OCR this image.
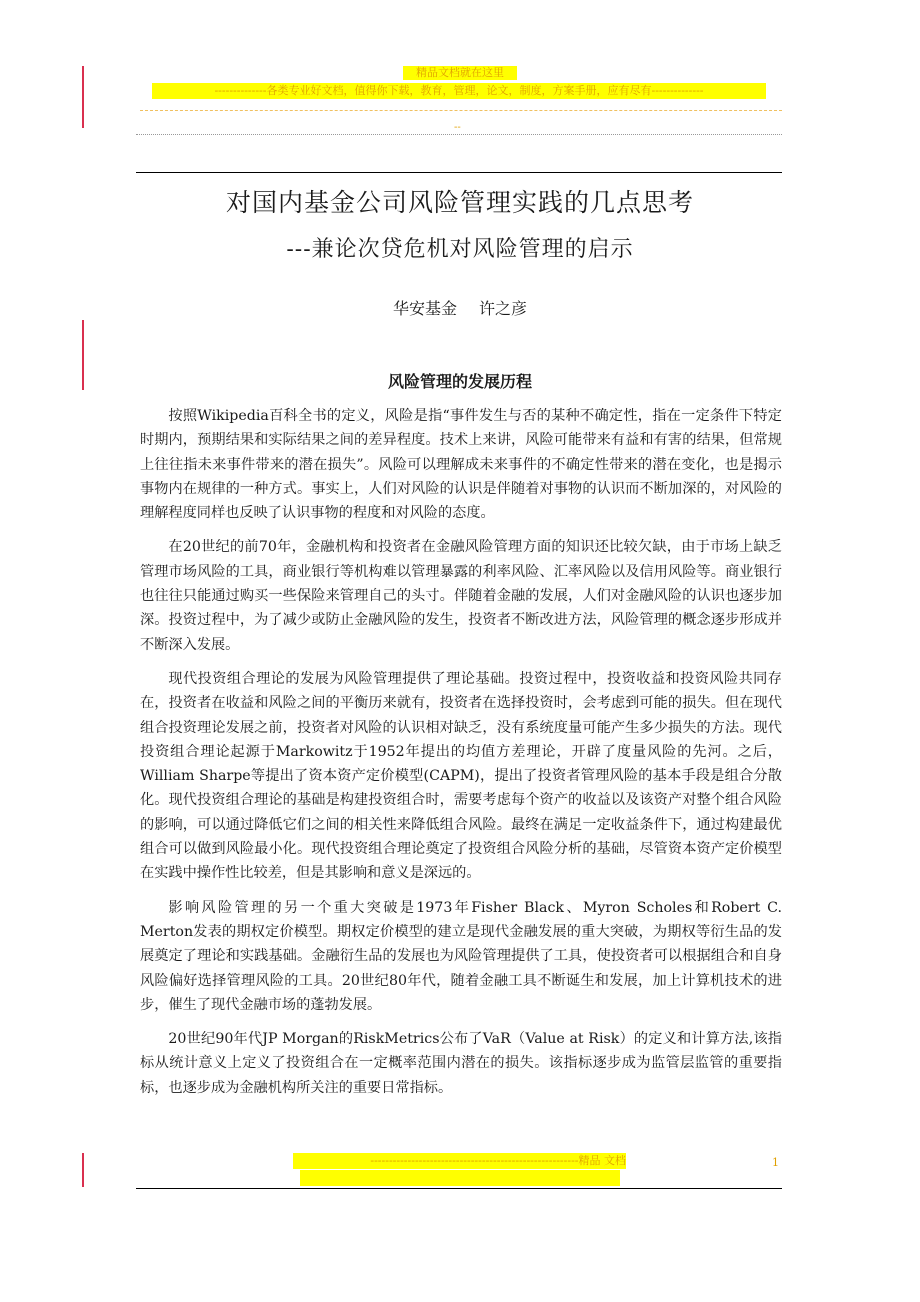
精品文档就在这里
--------------各类专业好文档，值得你下载，教育，管理，论文，制度，方案手册，应有尽有--------------
--
对国内基金公司风险管理实践的几点思考
---兼论次贷危机对风险管理的启示
华安基金 许之彦
风险管理的发展历程

按照Wikipedia百科全书的定义，风险是指“事件发生与否的某种不确定性，指在一定条件下特定时期内，预期结果和实际结果之间的差异程度。技术上来讲，风险可能带来有益和有害的结果，但常规上往往指未来事件带来的潜在损失”。风险可以理解成未来事件的不确定性带来的潜在变化，也是揭示事物内在规律的一种方式。事实上，人们对风险的认识是伴随着对事物的认识而不断加深的，对风险的理解程度同样也反映了认识事物的程度和对风险的态度。

在20世纪的前70年，金融机构和投资者在金融风险管理方面的知识还比较欠缺，由于市场上缺乏管理市场风险的工具，商业银行等机构难以管理暴露的利率风险、汇率风险以及信用风险等。商业银行也往往只能通过购买一些保险来管理自己的头寸。伴随着金融的发展，人们对金融风险的认识也逐步加深。投资过程中，为了减少或防止金融风险的发生，投资者不断改进方法，风险管理的概念逐步形成并不断深入发展。

现代投资组合理论的发展为风险管理提供了理论基础。投资过程中，投资收益和投资风险共同存在，投资者在收益和风险之间的平衡历来就有，投资者在选择投资时，会考虑到可能的损失。但在现代组合投资理论发展之前，投资者对风险的认识相对缺乏，没有系统度量可能产生多少损失的方法。现代投资组合理论起源于Markowitz于1952年提出的均值方差理论，开辟了度量风险的先河。之后，William Sharpe等提出了资本资产定价模型(CAPM)，提出了投资者管理风险的基本手段是组合分散化。现代投资组合理论的基础是构建投资组合时，需要考虑每个资产的收益以及该资产对整个组合风险的影响，可以通过降低它们之间的相关性来降低组合风险。最终在满足一定收益条件下，通过构建最优组合可以做到风险最小化。现代投资组合理论奠定了投资组合风险分析的基础，尽管资本资产定价模型在实践中操作性比较差，但是其影响和意义是深远的。

影响风险管理的另一个重大突破是1973年Fisher Black、Myron Scholes和Robert C. Merton发表的期权定价模型。期权定价模型的建立是现代金融发展的重大突破，为期权等衍生品的发展奠定了理论和实践基础。金融衍生品的发展也为风险管理提供了工具，使投资者可以根据组合和自身风险偏好选择管理风险的工具。20世纪80年代，随着金融工具不断诞生和发展，加上计算机技术的进步，催生了现代金融市场的蓬勃发展。

20世纪90年代JP Morgan的RiskMetrics公布了VaR（Value at Risk）的定义和计算方法,该指标从统计意义上定义了投资组合在一定概率范围内潜在的损失。该指标逐步成为监管层监管的重要指标，也逐步成为金融机构所关注的重要日常指标。

--------------------------------------------------------精品 文档	1
